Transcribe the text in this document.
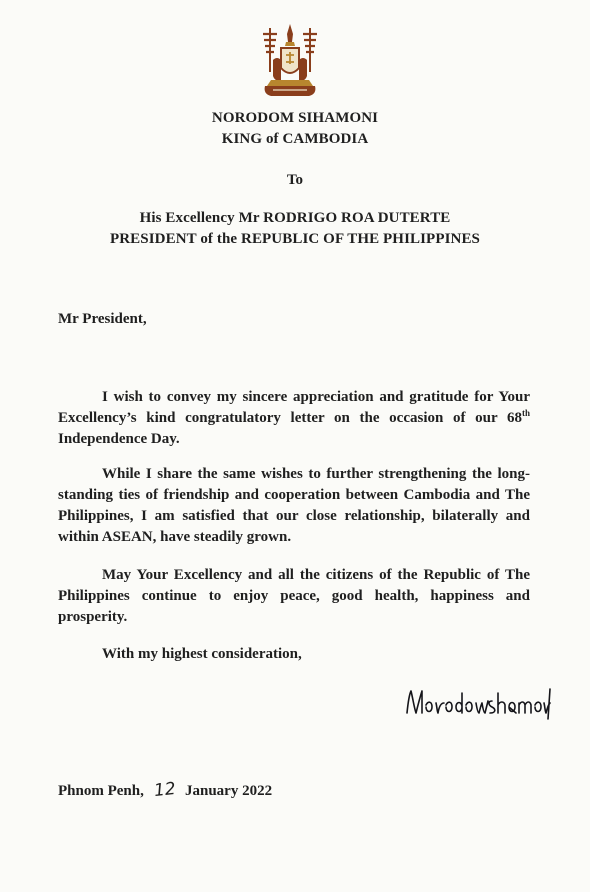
NORODOM SIHAMONI
KING of CAMBODIA
To
His Excellency Mr RODRIGO ROA DUTERTE
PRESIDENT of the REPUBLIC OF THE PHILIPPINES
Mr President,

I wish to convey my sincere appreciation and gratitude for Your Excellency’s kind congratulatory letter on the occasion of our 68th Independence Day.

While I share the same wishes to further strengthening the long-standing ties of friendship and cooperation between Cambodia and The Philippines, I am satisfied that our close relationship, bilaterally and within ASEAN, have steadily grown.

May Your Excellency and all the citizens of the Republic of The Philippines continue to enjoy peace, good health, happiness and prosperity.

With my highest consideration,
Phnom Penh, 12 January 2022
